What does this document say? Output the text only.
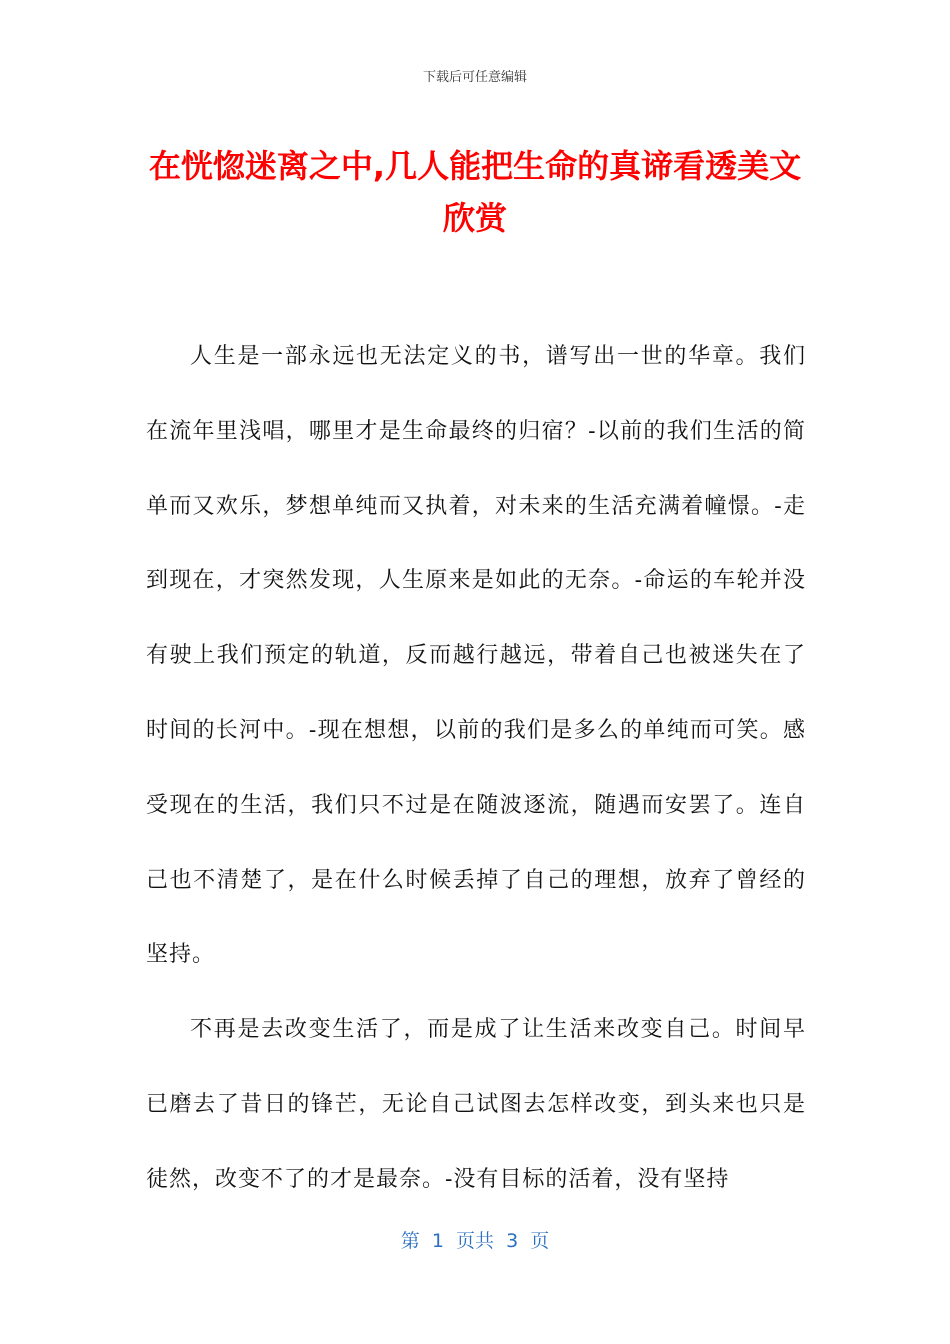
下载后可任意编辑
在恍惚迷离之中,几人能把生命的真谛看透美文欣赏

人生是一部永远也无法定义的书，谱写出一世的华章。我们在流年里浅唱，哪里才是生命最终的归宿？-以前的我们生活的简单而又欢乐，梦想单纯而又执着，对未来的生活充满着幢憬。-走到现在，才突然发现，人生原来是如此的无奈。-命运的车轮并没有驶上我们预定的轨道，反而越行越远，带着自己也被迷失在了时间的长河中。-现在想想，以前的我们是多么的单纯而可笑。感受现在的生活，我们只不过是在随波逐流，随遇而安罢了。连自己也不清楚了，是在什么时候丢掉了自己的理想，放弃了曾经的坚持。

不再是去改变生活了，而是成了让生活来改变自己。时间早已磨去了昔日的锋芒，无论自己试图去怎样改变，到头来也只是徒然，改变不了的才是最奈。-没有目标的活着，没有坚持

第  1  页共  3  页
